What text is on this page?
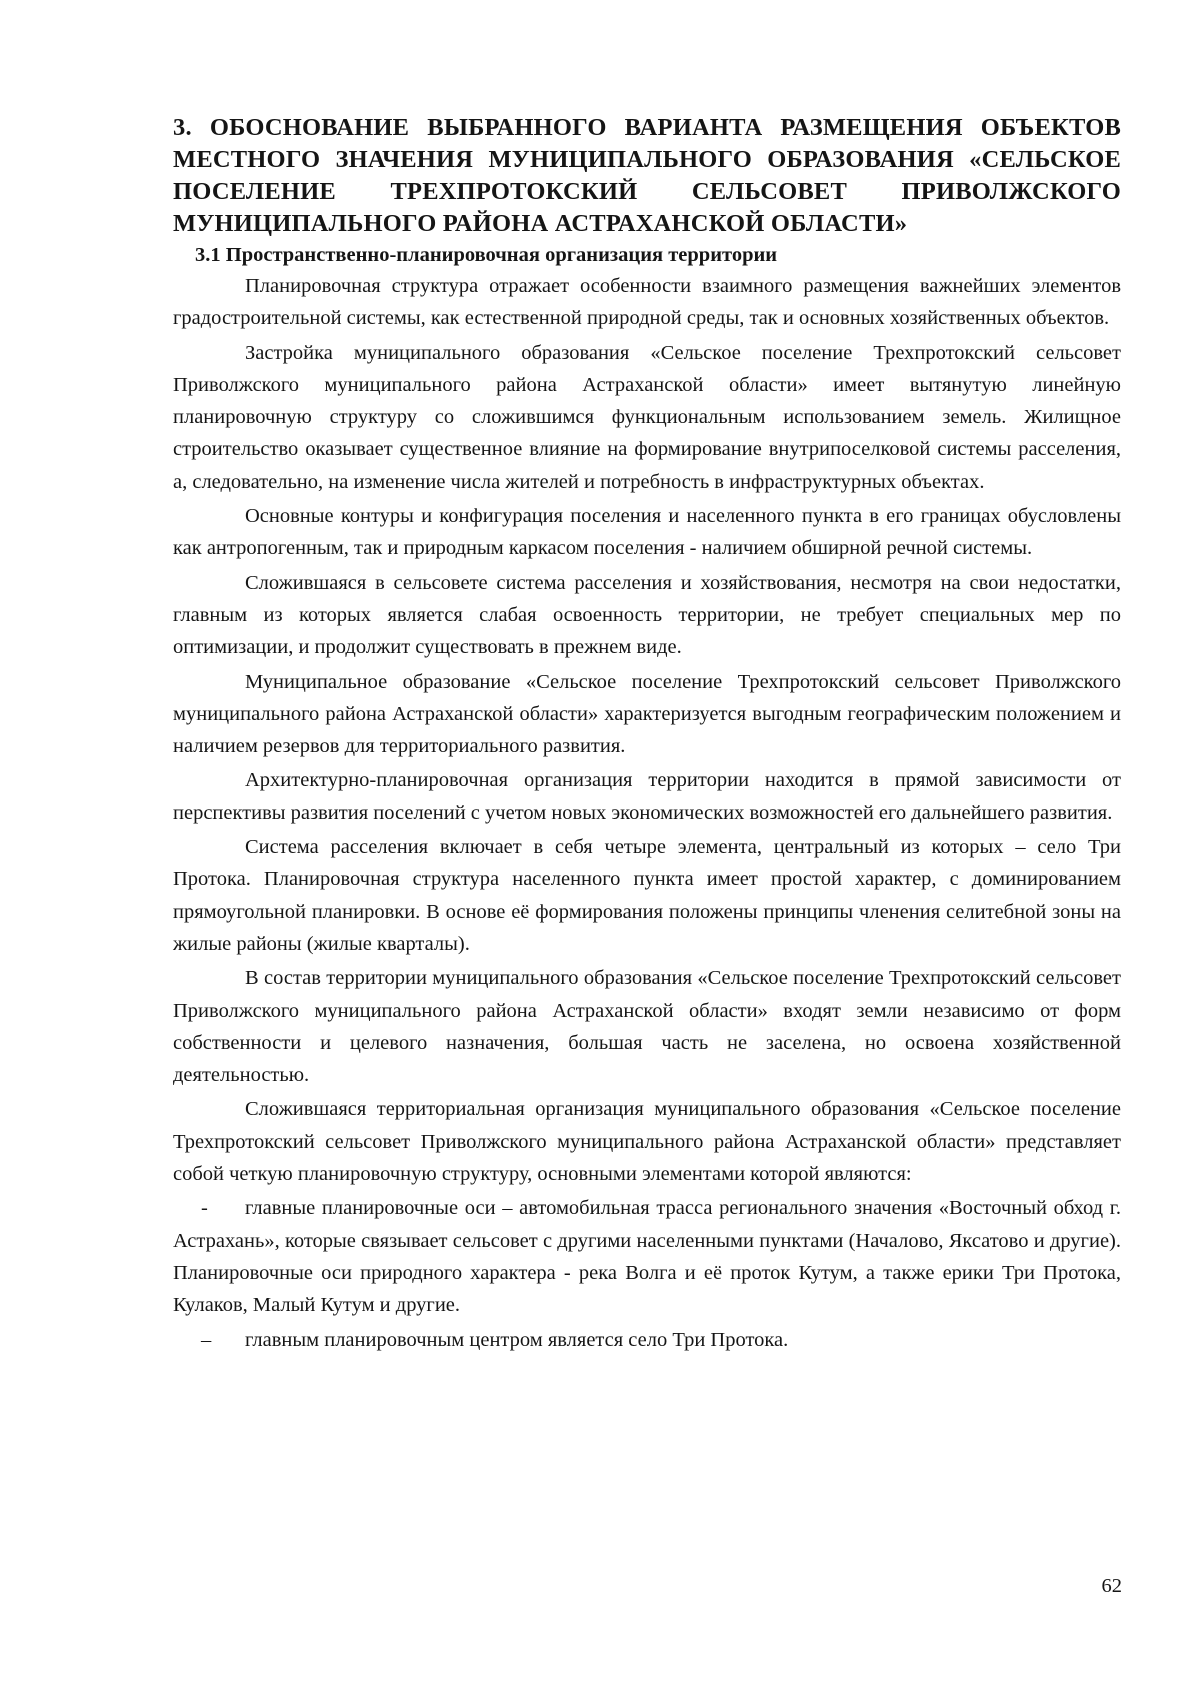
3. ОБОСНОВАНИЕ ВЫБРАННОГО ВАРИАНТА РАЗМЕЩЕНИЯ ОБЪЕКТОВ МЕСТНОГО ЗНАЧЕНИЯ МУНИЦИПАЛЬНОГО ОБРАЗОВАНИЯ «СЕЛЬСКОЕ ПОСЕЛЕНИЕ ТРЕХПРОТОКСКИЙ СЕЛЬСОВЕТ ПРИВОЛЖСКОГО МУНИЦИПАЛЬНОГО РАЙОНА АСТРАХАНСКОЙ ОБЛАСТИ»
3.1 Пространственно-планировочная организация территории

Планировочная структура отражает особенности взаимного размещения важнейших элементов градостроительной системы, как естественной природной среды, так и основных хозяйственных объектов.

Застройка муниципального образования «Сельское поселение Трехпротокский сельсовет Приволжского муниципального района Астраханской области» имеет вытянутую линейную планировочную структуру со сложившимся функциональным использованием земель. Жилищное строительство оказывает существенное влияние на формирование внутрипоселковой системы расселения, а, следовательно, на изменение числа жителей и потребность в инфраструктурных объектах.

Основные контуры и конфигурация поселения и населенного пункта в его границах обусловлены как антропогенным, так и природным каркасом поселения - наличием обширной речной системы.

Сложившаяся в сельсовете система расселения и хозяйствования, несмотря на свои недостатки, главным из которых является слабая освоенность территории, не требует специальных мер по оптимизации, и продолжит существовать в прежнем виде.

Муниципальное образование «Сельское поселение Трехпротокский сельсовет Приволжского муниципального района Астраханской области» характеризуется выгодным географическим положением и наличием резервов для территориального развития.

Архитектурно-планировочная организация территории находится в прямой зависимости от перспективы развития поселений с учетом новых экономических возможностей его дальнейшего развития.

Система расселения включает в себя четыре элемента, центральный из которых – село Три Протока. Планировочная структура населенного пункта имеет простой характер, с доминированием прямоугольной планировки. В основе её формирования положены принципы членения селитебной зоны на жилые районы (жилые кварталы).

В состав территории муниципального образования «Сельское поселение Трехпротокский сельсовет Приволжского муниципального района Астраханской области» входят земли независимо от форм собственности и целевого назначения, большая часть не заселена, но освоена хозяйственной деятельностью.

Сложившаяся территориальная организация муниципального образования «Сельское поселение Трехпротокский сельсовет Приволжского муниципального района Астраханской области» представляет собой четкую планировочную структуру, основными элементами которой являются:

- главные планировочные оси – автомобильная трасса регионального значения «Восточный обход г. Астрахань», которые связывает сельсовет с другими населенными пунктами (Началово, Яксатово и другие). Планировочные оси природного характера - река Волга и её проток Кутум, а также ерики Три Протока, Кулаков, Малый Кутум и другие.

– главным планировочным центром является село Три Протока.

62
